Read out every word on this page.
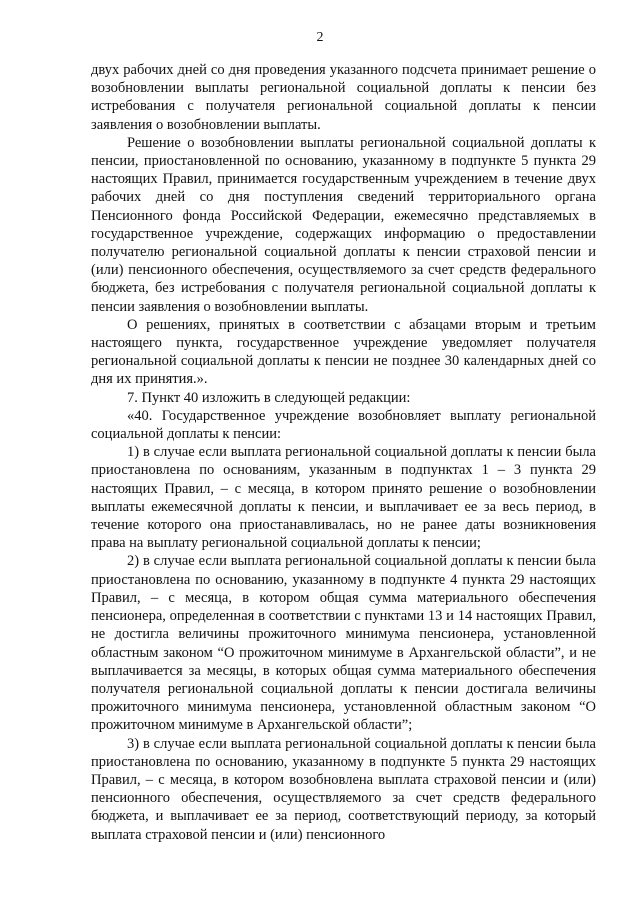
2

двух рабочих дней со дня проведения указанного подсчета принимает решение о возобновлении выплаты региональной социальной доплаты к пенсии без истребования с получателя региональной социальной доплаты к пенсии заявления о возобновлении выплаты.

Решение о возобновлении выплаты региональной социальной доплаты к пенсии, приостановленной по основанию, указанному в подпункте 5 пункта 29 настоящих Правил, принимается государственным учреждением в течение двух рабочих дней со дня поступления сведений территориального органа Пенсионного фонда Российской Федерации, ежемесячно представляемых в государственное учреждение, содержащих информацию о предоставлении получателю региональной социальной доплаты к пенсии страховой пенсии и (или) пенсионного обеспечения, осуществляемого за счет средств федерального бюджета, без истребования с получателя региональной социальной доплаты к пенсии заявления о возобновлении выплаты.

О решениях, принятых в соответствии с абзацами вторым и третьим настоящего пункта, государственное учреждение уведомляет получателя региональной социальной доплаты к пенсии не позднее 30 календарных дней со дня их принятия.».

7. Пункт 40 изложить в следующей редакции:

«40. Государственное учреждение возобновляет выплату региональной социальной доплаты к пенсии:

1) в случае если выплата региональной социальной доплаты к пенсии была приостановлена по основаниям, указанным в подпунктах 1 – 3 пункта 29 настоящих Правил, – с месяца, в котором принято решение о возобновлении выплаты ежемесячной доплаты к пенсии, и выплачивает ее за весь период, в течение которого она приостанавливалась, но не ранее даты возникновения права на выплату региональной социальной доплаты к пенсии;

2) в случае если выплата региональной социальной доплаты к пенсии была приостановлена по основанию, указанному в подпункте 4 пункта 29 настоящих Правил, – с месяца, в котором общая сумма материального обеспечения пенсионера, определенная в соответствии с пунктами 13 и 14 настоящих Правил, не достигла величины прожиточного минимума пенсионера, установленной областным законом “О прожиточном минимуме в Архангельской области”, и не выплачивается за месяцы, в которых общая сумма материального обеспечения получателя региональной социальной доплаты к пенсии достигала величины прожиточного минимума пенсионера, установленной областным законом “О прожиточном минимуме в Архангельской области”;

3) в случае если выплата региональной социальной доплаты к пенсии была приостановлена по основанию, указанному в подпункте 5 пункта 29 настоящих Правил, – с месяца, в котором возобновлена выплата страховой пенсии и (или) пенсионного обеспечения, осуществляемого за счет средств федерального бюджета, и выплачивает ее за период, соответствующий периоду, за который выплата страховой пенсии и (или) пенсионного
